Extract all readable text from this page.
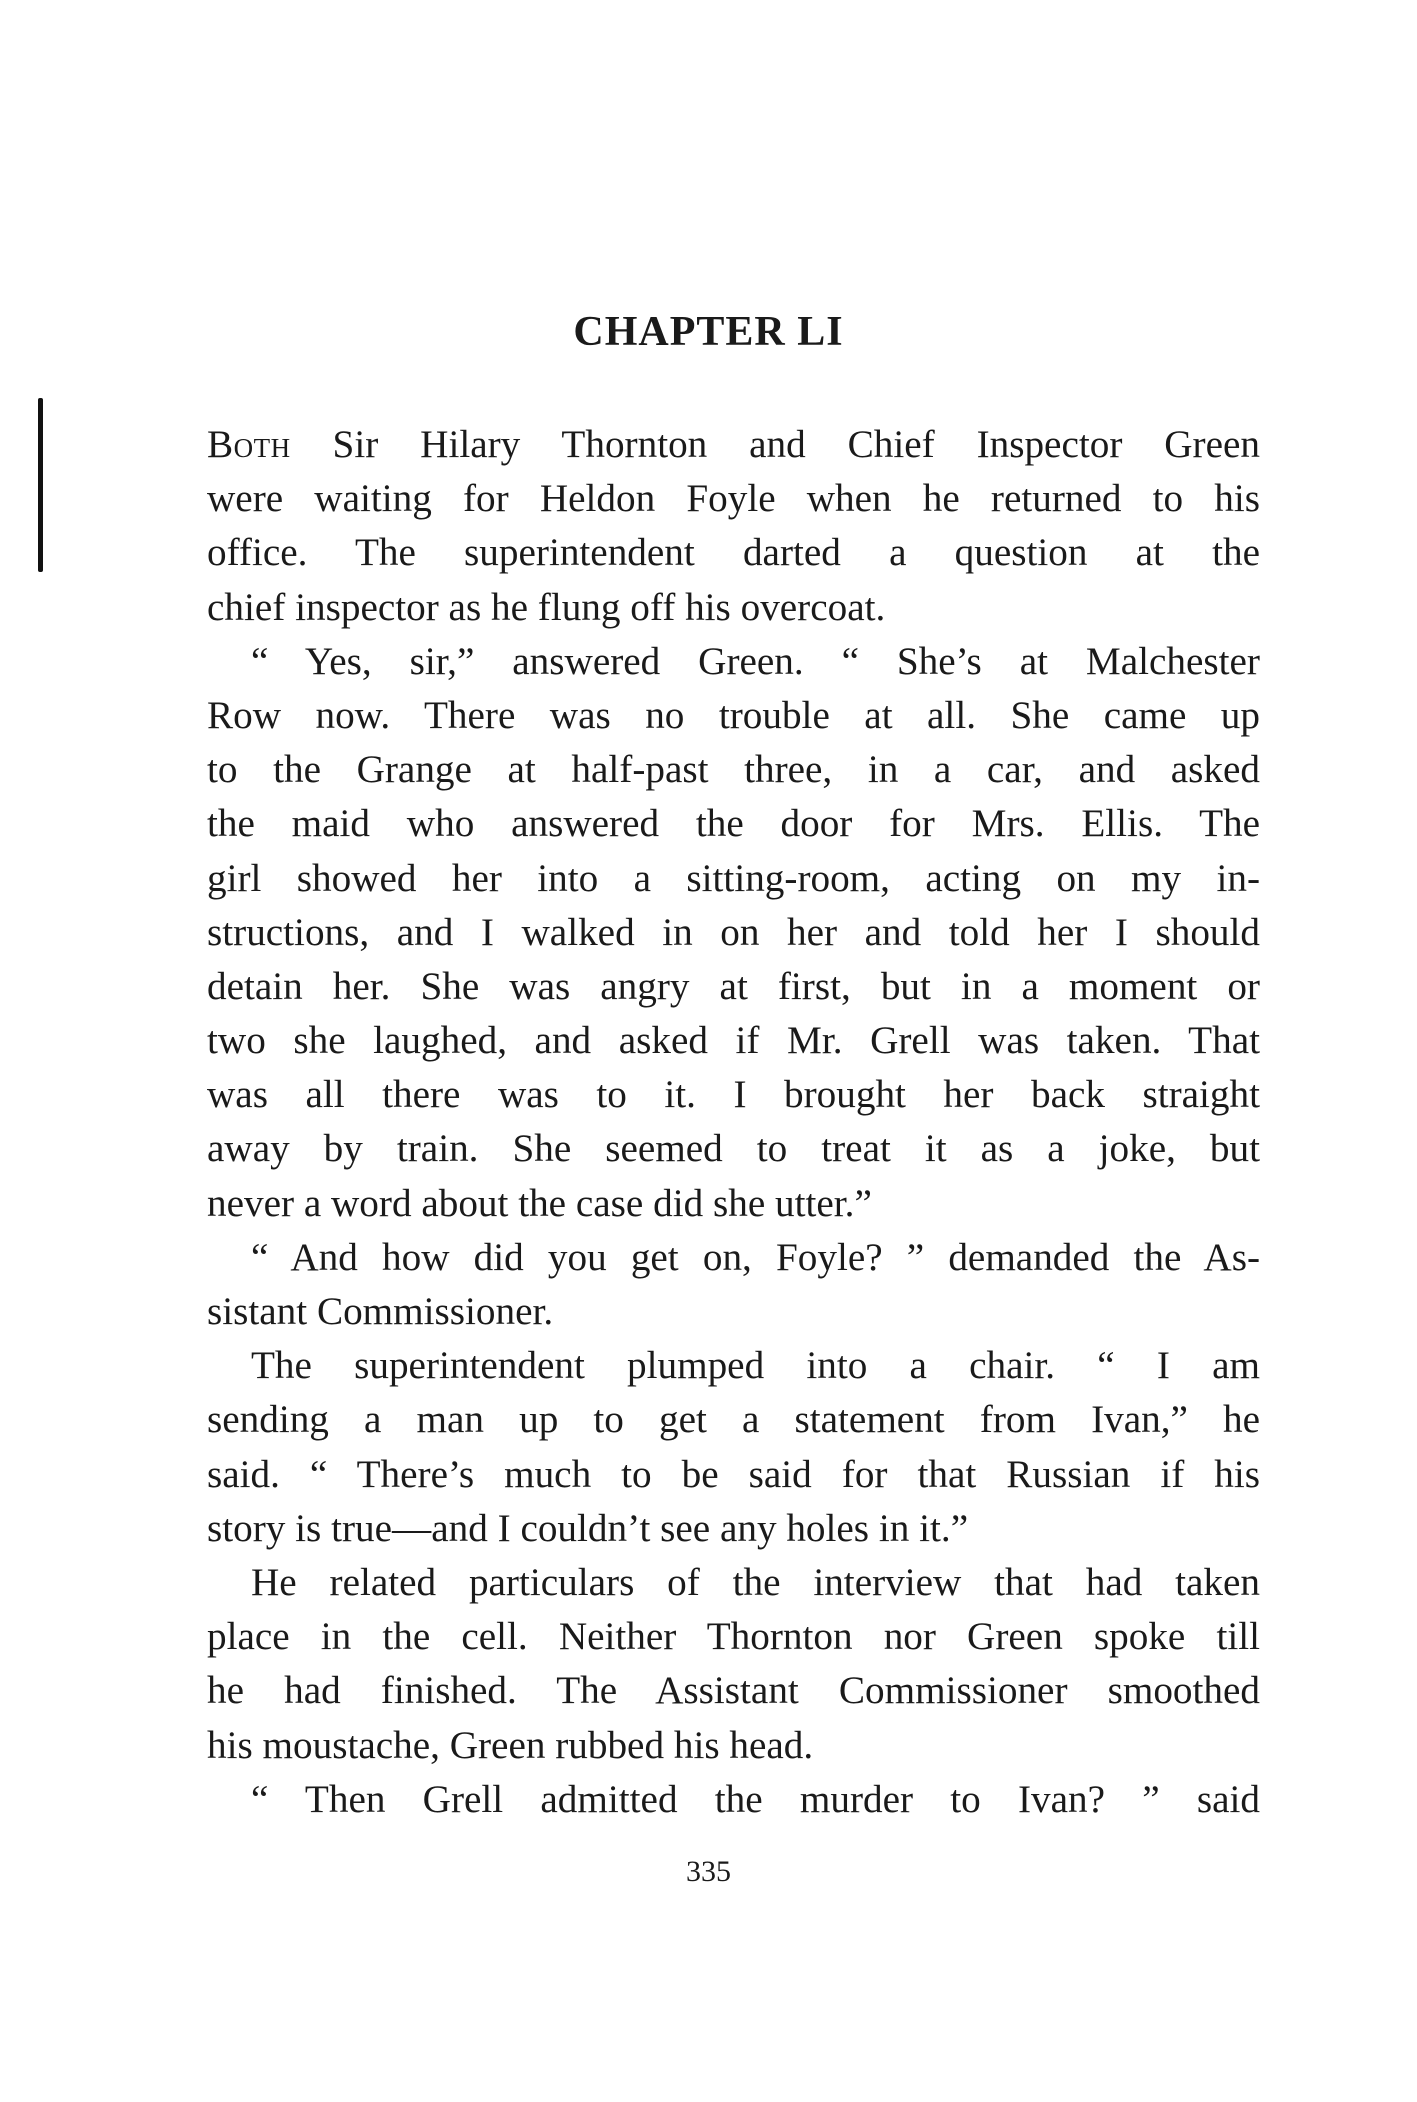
CHAPTER LI
Both Sir Hilary Thornton and Chief Inspector Green
were waiting for Heldon Foyle when he returned to his
office. The superintendent darted a question at the
chief inspector as he flung off his overcoat.
“ Yes, sir,” answered Green. “ She’s at Malchester
Row now. There was no trouble at all. She came up
to the Grange at half-past three, in a car, and asked
the maid who answered the door for Mrs. Ellis. The
girl showed her into a sitting-room, acting on my in-
structions, and I walked in on her and told her I should
detain her. She was angry at first, but in a moment or
two she laughed, and asked if Mr. Grell was taken. That
was all there was to it. I brought her back straight
away by train. She seemed to treat it as a joke, but
never a word about the case did she utter.”
“ And how did you get on, Foyle? ” demanded the As-
sistant Commissioner.
The superintendent plumped into a chair. “ I am
sending a man up to get a statement from Ivan,” he
said. “ There’s much to be said for that Russian if his
story is true—and I couldn’t see any holes in it.”
He related particulars of the interview that had taken
place in the cell. Neither Thornton nor Green spoke till
he had finished. The Assistant Commissioner smoothed
his moustache, Green rubbed his head.
“ Then Grell admitted the murder to Ivan? ” said
335
